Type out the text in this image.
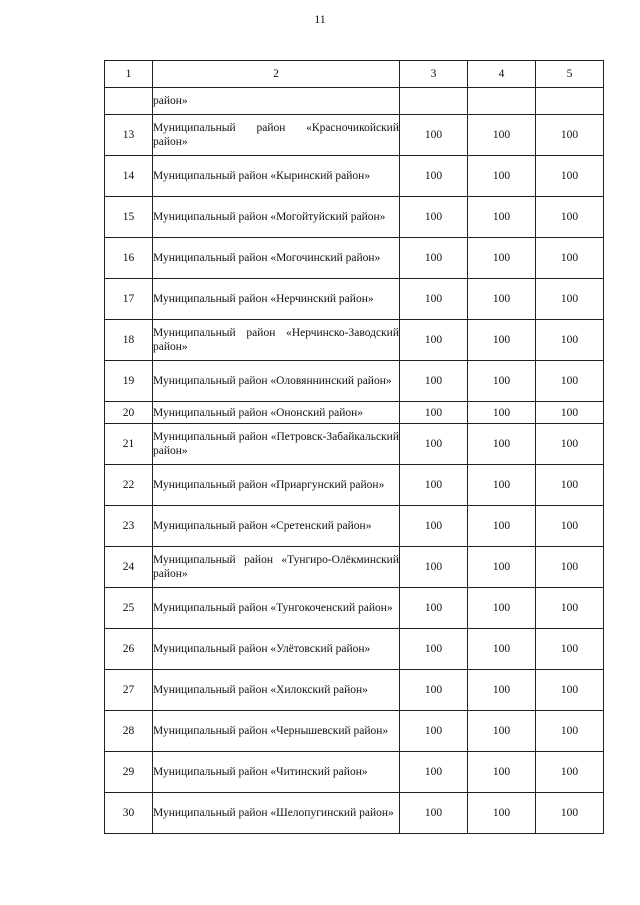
11
1	2	3	4	5
	район»			
13	Муниципальный район «Красночикойский район»	100	100	100
14	Муниципальный район «Кыринский район»	100	100	100
15	Муниципальный район «Могойтуйский район»	100	100	100
16	Муниципальный район «Могочинский район»	100	100	100
17	Муниципальный район «Нерчинский район»	100	100	100
18	Муниципальный район «Нерчинско-Заводский район»	100	100	100
19	Муниципальный район «Оловяннинский район»	100	100	100
20	Муниципальный район «Ононский район»	100	100	100
21	Муниципальный район «Петровск-Забайкальский район»	100	100	100
22	Муниципальный район «Приаргунский район»	100	100	100
23	Муниципальный район «Сретенский район»	100	100	100
24	Муниципальный район «Тунгиро-Олёкминский район»	100	100	100
25	Муниципальный район «Тунгокоченский район»	100	100	100
26	Муниципальный район «Улётовский район»	100	100	100
27	Муниципальный район «Хилокский район»	100	100	100
28	Муниципальный район «Чернышевский район»	100	100	100
29	Муниципальный район «Читинский район»	100	100	100
30	Муниципальный район «Шелопугинский район»	100	100	100
